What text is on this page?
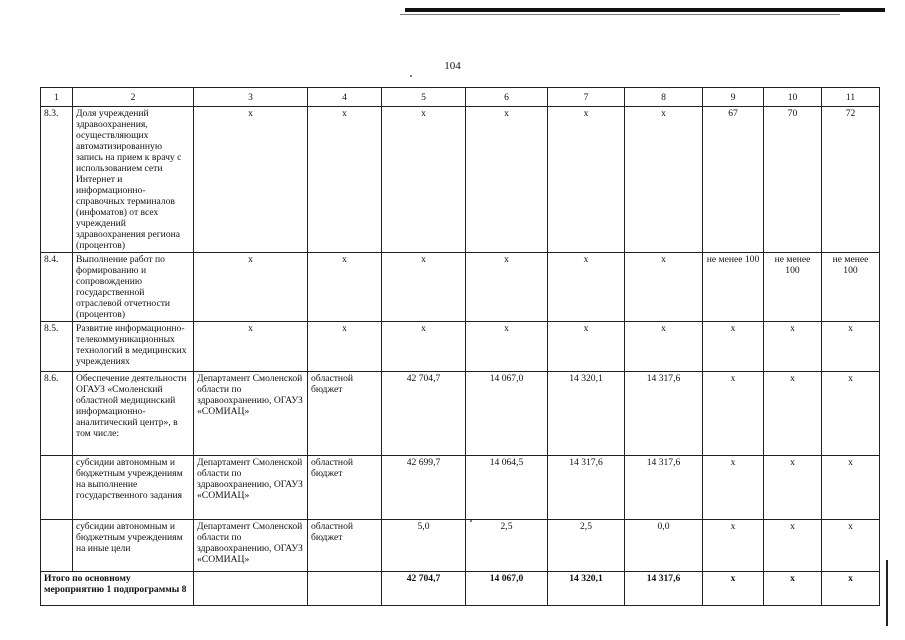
104
1	2	3	4	5	6	7	8	9	10	11
8.3.	Доля учреждений здравоохранения, осуществляющих автоматизированную запись на прием к врачу с использованием сети Интернет и информационно-справочных терминалов (инфоматов) от всех учреждений здравоохранения региона (процентов)	х	х	х	х	х	х	67	70	72
8.4.	Выполнение работ по формированию и сопровождению государственной отраслевой отчетности (процентов)	х	х	х	х	х	х	не менее 100	не менее 100	не менее 100
8.5.	Развитие информационно-телекоммуникационных технологий в медицинских учреждениях	х	х	х	х	х	х	х	х	х
8.6.	Обеспечение деятельности ОГАУЗ «Смоленский областной медицинский информационно-аналитический центр», в том числе:	Департамент Смоленской области по здравоохранению, ОГАУЗ «СОМИАЦ»	областной бюджет	42 704,7	14 067,0	14 320,1	14 317,6	х	х	х
	субсидии автономным и бюджетным учреждениям на выполнение государственного задания	Департамент Смоленской области по здравоохранению, ОГАУЗ «СОМИАЦ»	областной бюджет	42 699,7	14 064,5	14 317,6	14 317,6	х	х	х
	субсидии автономным и бюджетным учреждениям на иные цели	Департамент Смоленской области по здравоохранению, ОГАУЗ «СОМИАЦ»	областной бюджет	5,0	2,5	2,5	0,0	х	х	х
Итого по основному мероприятию 1 подпрограммы 8				42 704,7	14 067,0	14 320,1	14 317,6	х	х	х
